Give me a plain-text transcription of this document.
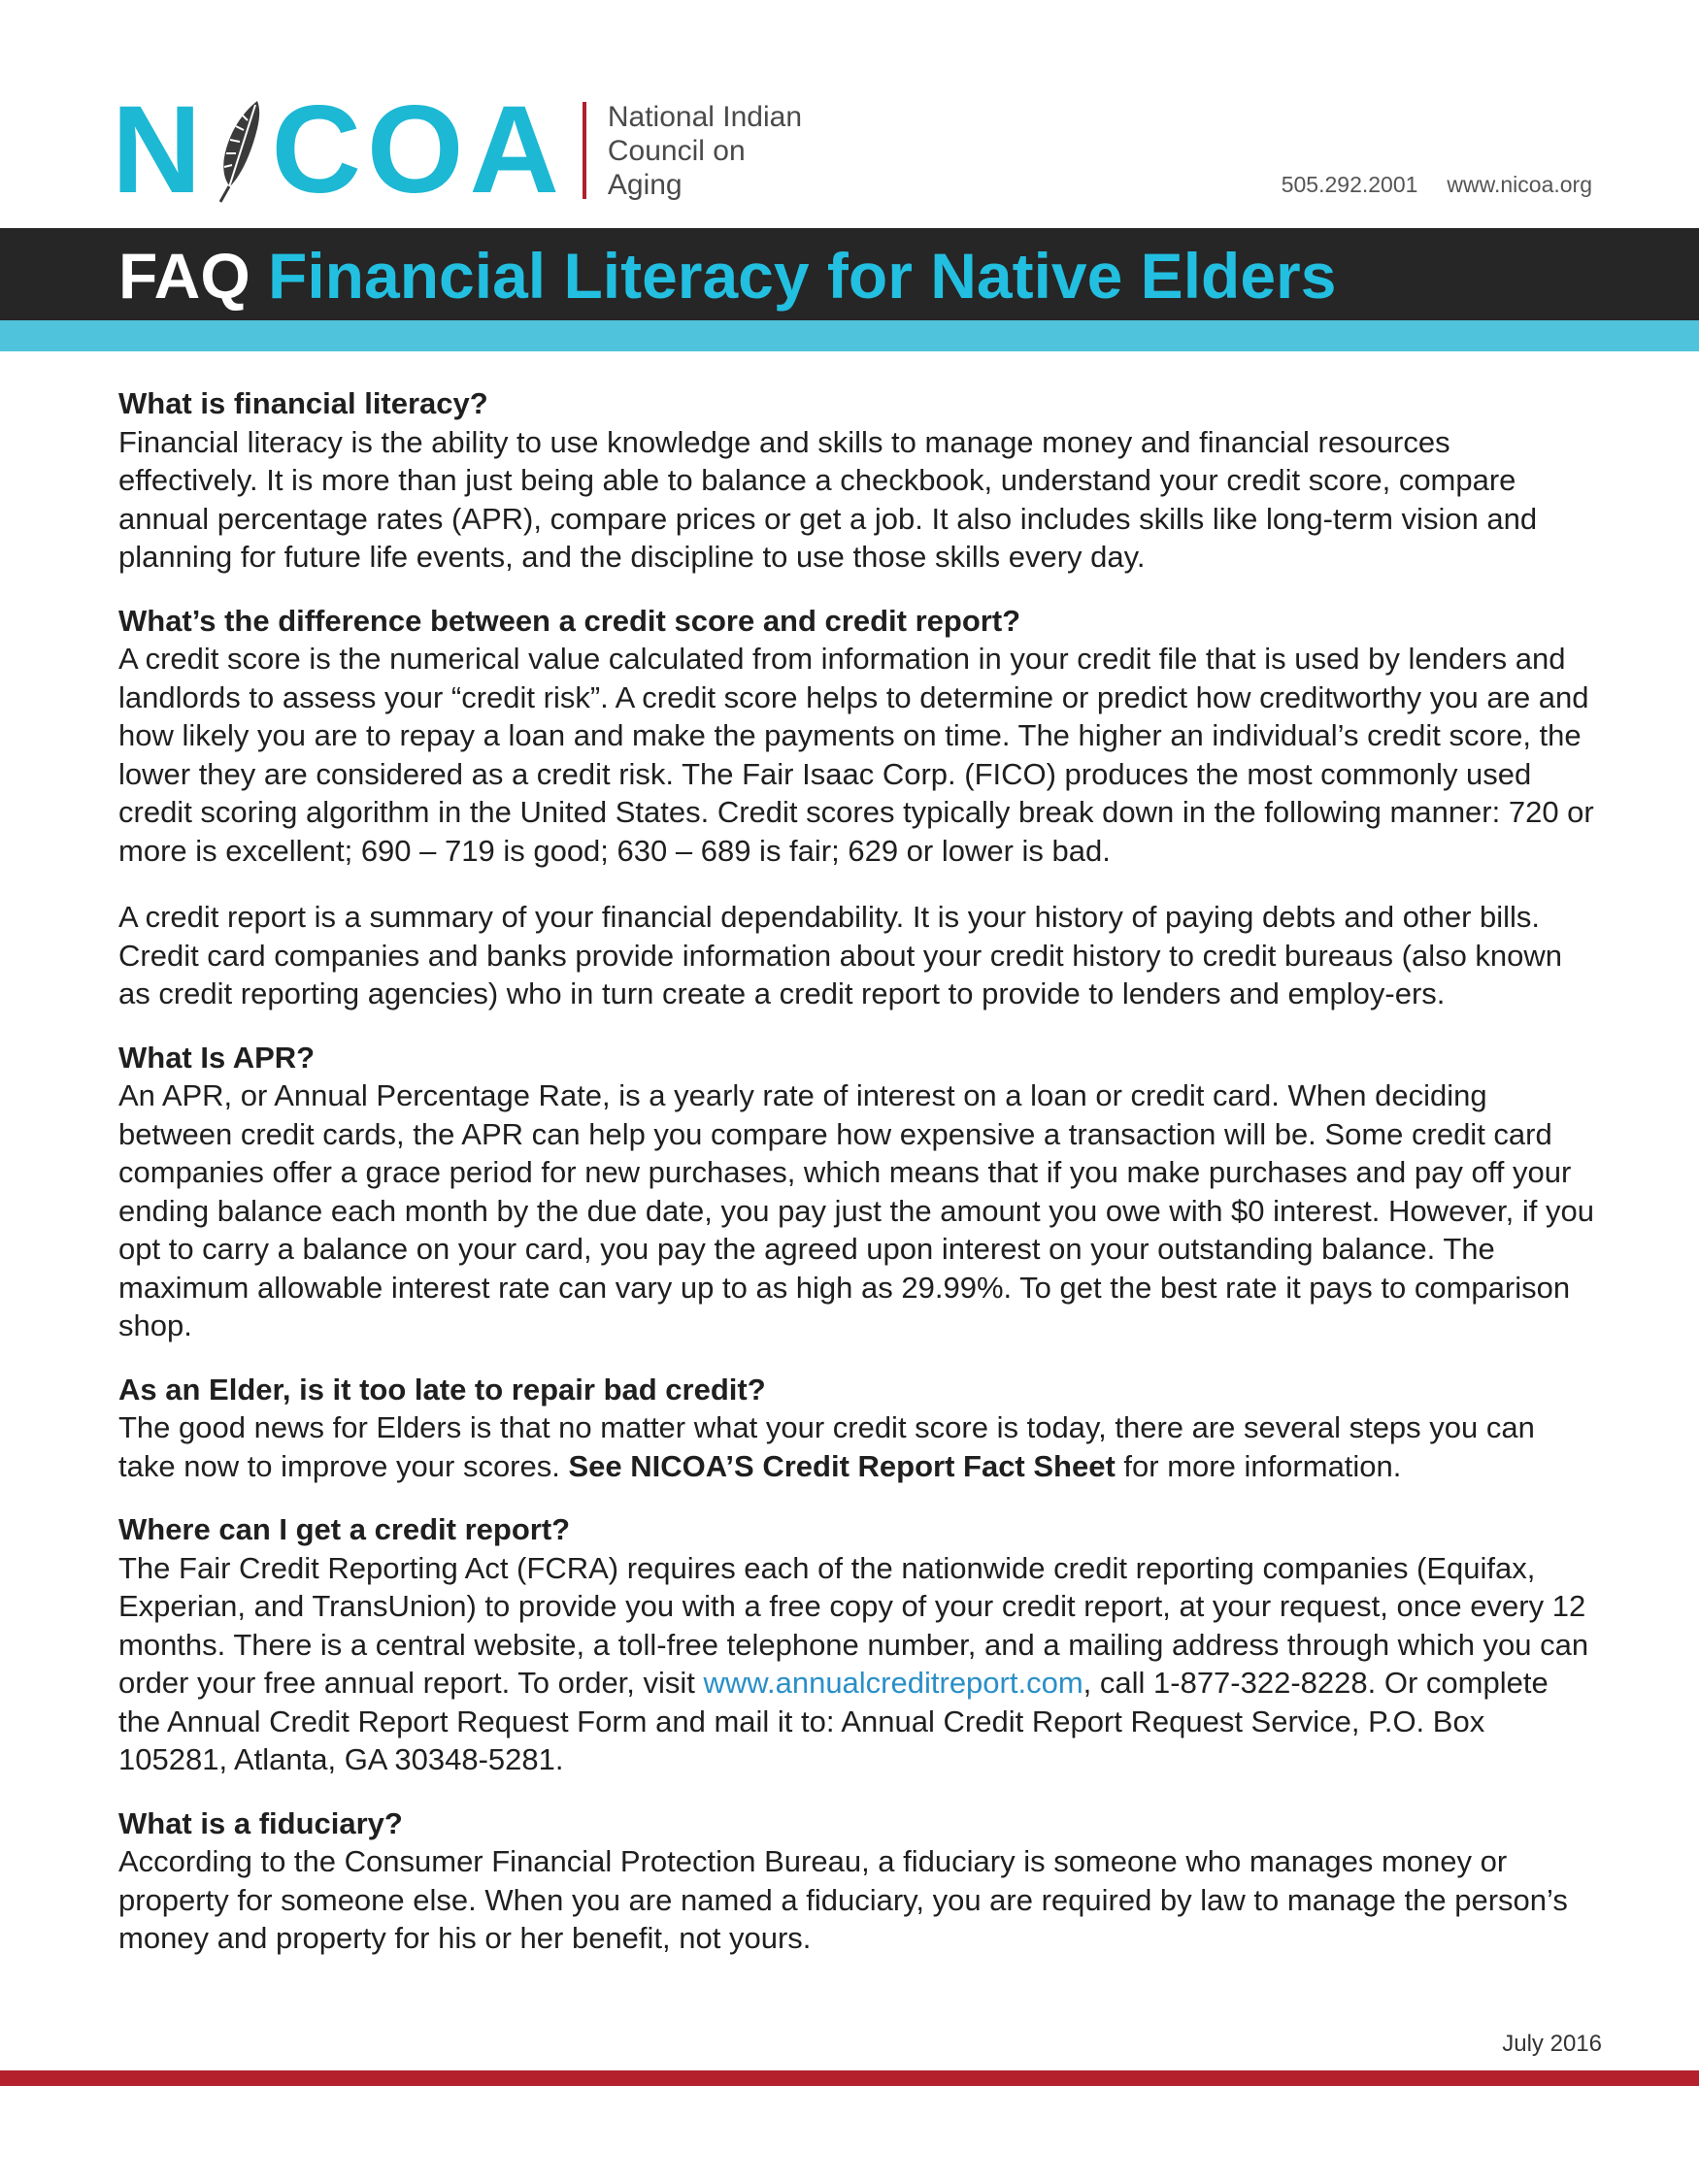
N COA National Indian
Council on
Aging	505.292.2001 www.nicoa.org
FAQ Financial Literacy for Native Elders

What is financial literacy?

Financial literacy is the ability to use knowledge and skills to manage money and financial resources effectively. It is more than just being able to balance a checkbook, understand your credit score, compare annual percentage rates (APR), compare prices or get a job. It also includes skills like long-term vision and planning for future life events, and the discipline to use those skills every day.

What’s the difference between a credit score and credit report?

A credit score is the numerical value calculated from information in your credit file that is used by lenders and landlords to assess your “credit risk”. A credit score helps to determine or predict how creditworthy you are and how likely you are to repay a loan and make the payments on time. The higher an individual’s credit score, the lower they are considered as a credit risk. The Fair Isaac Corp. (FICO) produces the most commonly used credit scoring algorithm in the United States. Credit scores typically break down in the following manner: 720 or more is excellent; 690 – 719 is good; 630 – 689 is fair; 629 or lower is bad.

A credit report is a summary of your financial dependability. It is your history of paying debts and other bills. Credit card companies and banks provide information about your credit history to credit bureaus (also known as credit reporting agencies) who in turn create a credit report to provide to lenders and employ-ers.

What Is APR?

An APR, or Annual Percentage Rate, is a yearly rate of interest on a loan or credit card. When deciding between credit cards, the APR can help you compare how expensive a transaction will be. Some credit card companies offer a grace period for new purchases, which means that if you make purchases and pay off your ending balance each month by the due date, you pay just the amount you owe with $0 interest. However, if you opt to carry a balance on your card, you pay the agreed upon interest on your outstanding balance. The maximum allowable interest rate can vary up to as high as 29.99%. To get the best rate it pays to comparison shop.

As an Elder, is it too late to repair bad credit?

The good news for Elders is that no matter what your credit score is today, there are several steps you can take now to improve your scores. See NICOA’S Credit Report Fact Sheet for more information.

Where can I get a credit report?

The Fair Credit Reporting Act (FCRA) requires each of the nationwide credit reporting companies (Equifax, Experian, and TransUnion) to provide you with a free copy of your credit report, at your request, once every 12 months. There is a central website, a toll-free telephone number, and a mailing address through which you can order your free annual report. To order, visit www.annualcreditreport.com, call 1-877-322-8228. Or complete the Annual Credit Report Request Form and mail it to: Annual Credit Report Request Service, P.O. Box 105281, Atlanta, GA 30348-5281.

What is a fiduciary?

According to the Consumer Financial Protection Bureau, a fiduciary is someone who manages money or property for someone else. When you are named a fiduciary, you are required by law to manage the person’s money and property for his or her benefit, not yours.

July 2016
